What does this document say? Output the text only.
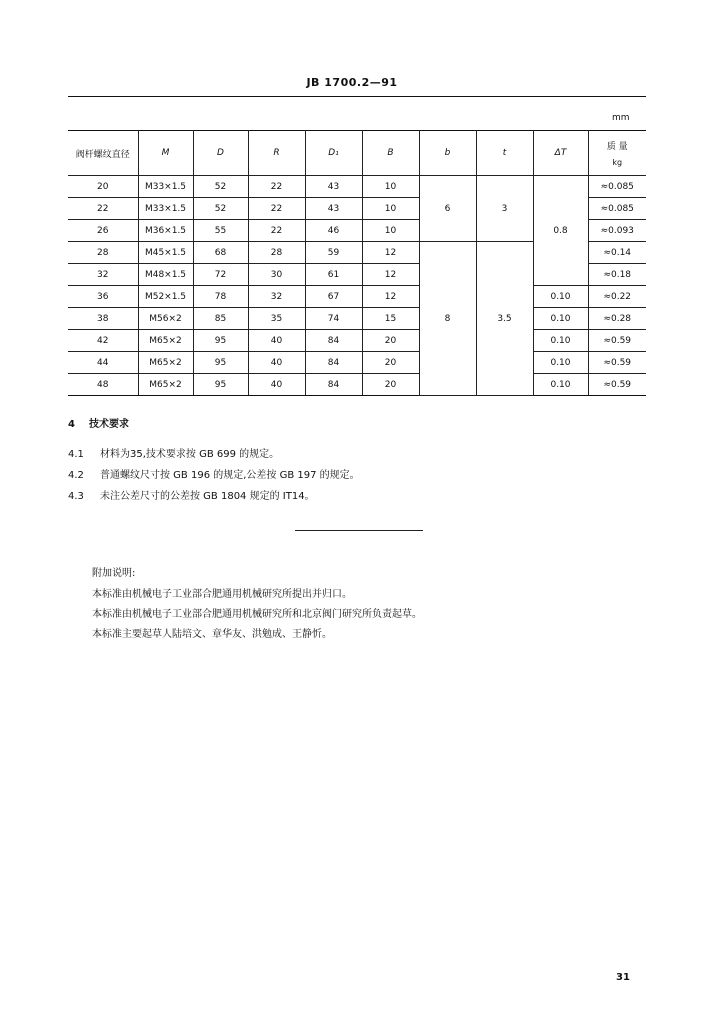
JB 1700.2—91
mm
阀杆螺纹直径	M	D	R	D₁	B	b	t	ΔT	质 量
kg

20	M33×1.5	52	22	43	10	6	3	0.8	≈0.085
22	M33×1.5	52	22	43	10				≈0.085
26	M36×1.5	55	22	46	10				≈0.093
28	M45×1.5	68	28	59	12	8	3.5		≈0.14
32	M48×1.5	72	30	61	12				≈0.18
36	M52×1.5	78	32	67	12			0.10	≈0.22
38	M56×2	85	35	74	15			0.10	≈0.28
42	M65×2	95	40	84	20			0.10	≈0.59
44	M65×2	95	40	84	20			0.10	≈0.59
48	M65×2	95	40	84	20			0.10	≈0.59
4 技术要求
4.1 材料为35,技术要求按 GB 699 的规定。
4.2 普通螺纹尺寸按 GB 196 的规定,公差按 GB 197 的规定。
4.3 未注公差尺寸的公差按 GB 1804 规定的 IT14。
附加说明:
本标准由机械电子工业部合肥通用机械研究所提出并归口。
本标准由机械电子工业部合肥通用机械研究所和北京阀门研究所负责起草。
本标准主要起草人陆培文、章华友、洪勉成、王静忻。
31
